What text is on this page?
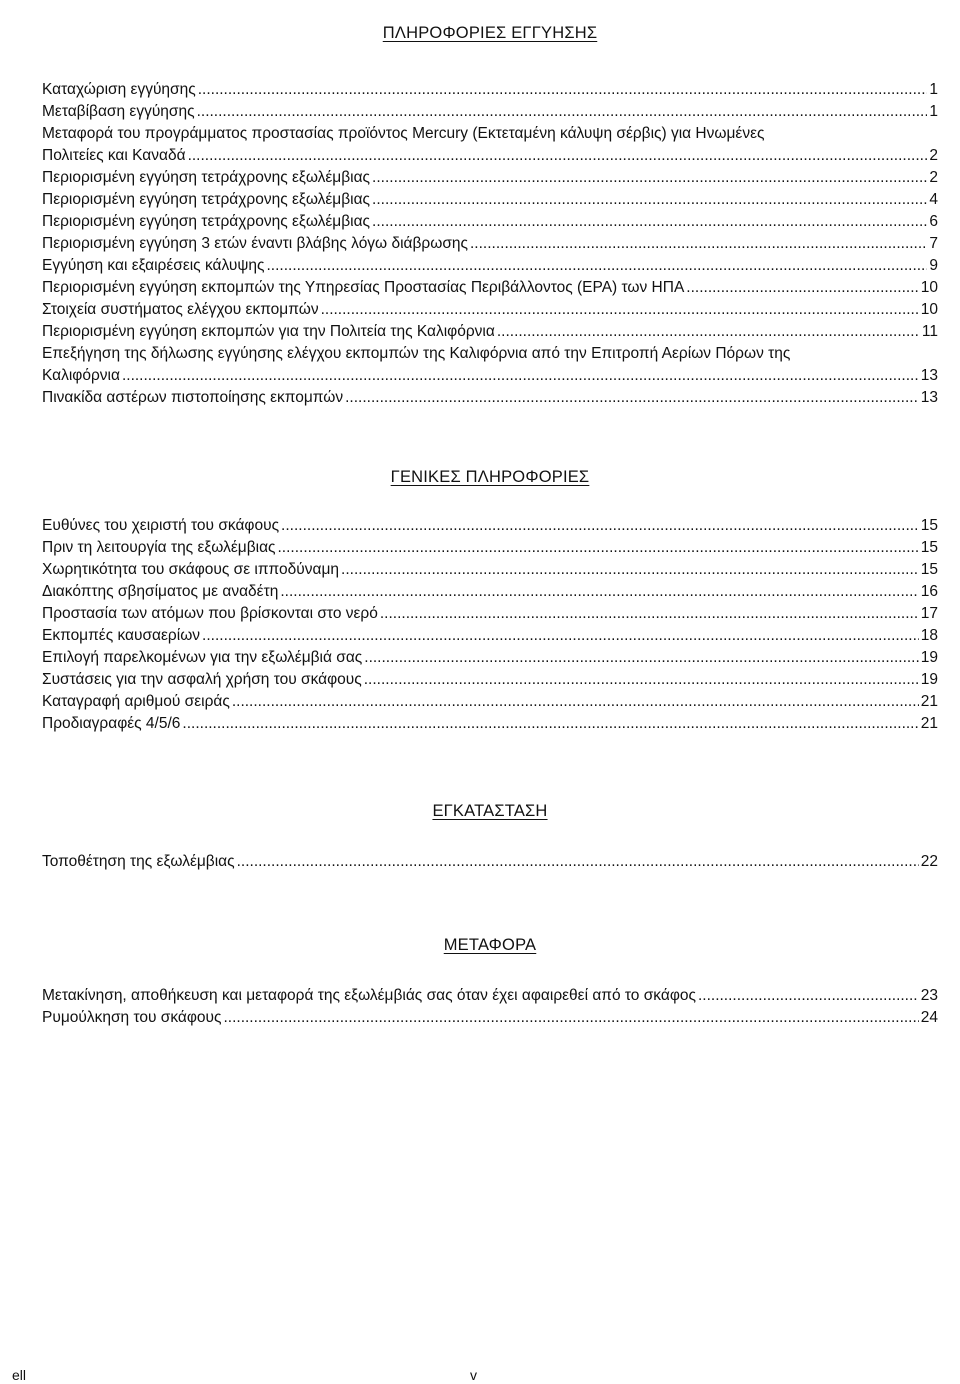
ΠΛΗΡΟΦΟΡΙΕΣ ΕΓΓΥΗΣΗΣ
Καταχώριση εγγύησης .....	1
Μεταβίβαση εγγύησης .....	1
Μεταφορά του προγράμματος προστασίας προϊόντος Mercury (Εκτεταμένη κάλυψη σέρβις) για Ηνωμένες
Πολιτείες και Καναδά .....	2
Περιορισμένη εγγύηση τετράχρονης εξωλέμβιας .....	2
Περιορισμένη εγγύηση τετράχρονης εξωλέμβιας .....	4
Περιορισμένη εγγύηση τετράχρονης εξωλέμβιας .....	6
Περιορισμένη εγγύηση 3 ετών έναντι βλάβης λόγω διάβρωσης .....	7
Εγγύηση και εξαιρέσεις κάλυψης .....	9
Περιορισμένη εγγύηση εκπομπών της Υπηρεσίας Προστασίας Περιβάλλοντος (EPA) των ΗΠΑ .....	10
Στοιχεία συστήματος ελέγχου εκπομπών .....	10
Περιορισμένη εγγύηση εκπομπών για την Πολιτεία της Καλιφόρνια .....	11
Επεξήγηση της δήλωσης εγγύησης ελέγχου εκπομπών της Καλιφόρνια από την Επιτροπή Αερίων Πόρων της
Καλιφόρνια .....	13
Πινακίδα αστέρων πιστοποίησης εκπομπών .....	13
ΓΕΝΙΚΕΣ ΠΛΗΡΟΦΟΡΙΕΣ
Ευθύνες του χειριστή του σκάφους .....	15
Πριν τη λειτουργία της εξωλέμβιας .....	15
Χωρητικότητα του σκάφους σε ιπποδύναμη .....	15
Διακόπτης σβησίματος με αναδέτη .....	16
Προστασία των ατόμων που βρίσκονται στο νερό .....	17
Εκπομπές καυσαερίων .....	18
Επιλογή παρελκομένων για την εξωλέμβιά σας .....	19
Συστάσεις για την ασφαλή χρήση του σκάφους .....	19
Καταγραφή αριθμού σειράς .....	21
Προδιαγραφές 4/5/6 .....	21
ΕΓΚΑΤΑΣΤΑΣΗ
Τοποθέτηση της εξωλέμβιας .....	22
ΜΕΤΑΦΟΡΑ
Μετακίνηση, αποθήκευση και μεταφορά της εξωλέμβιάς σας όταν έχει αφαιρεθεί από το σκάφος .....	23
Ρυμούλκηση του σκάφους .....	24
ell	v
